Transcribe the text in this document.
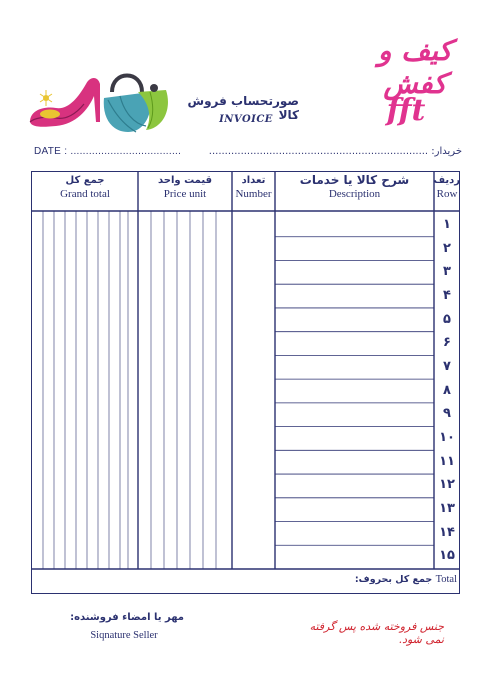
صورتحساب فروش کالا
INVOICE
کیف و کفش
fft
DATE : ....................................	خریدار: .....................................................................
ردیف
Row
شرح کالا یا خدمات
Description
تعداد
Number
قیمت واحد
Price unit
جمع کل
Grand total
۱
۲
۳
۴
۵
۶
۷
۸
۹
۱۰
۱۱
۱۲
۱۳
۱۴
۱۵
Total جمع کل بحروف:
مهر یا امضاء فروشنده:
Siqnature Seller
جنس فروخته شده پس گرفته نمی شود.
